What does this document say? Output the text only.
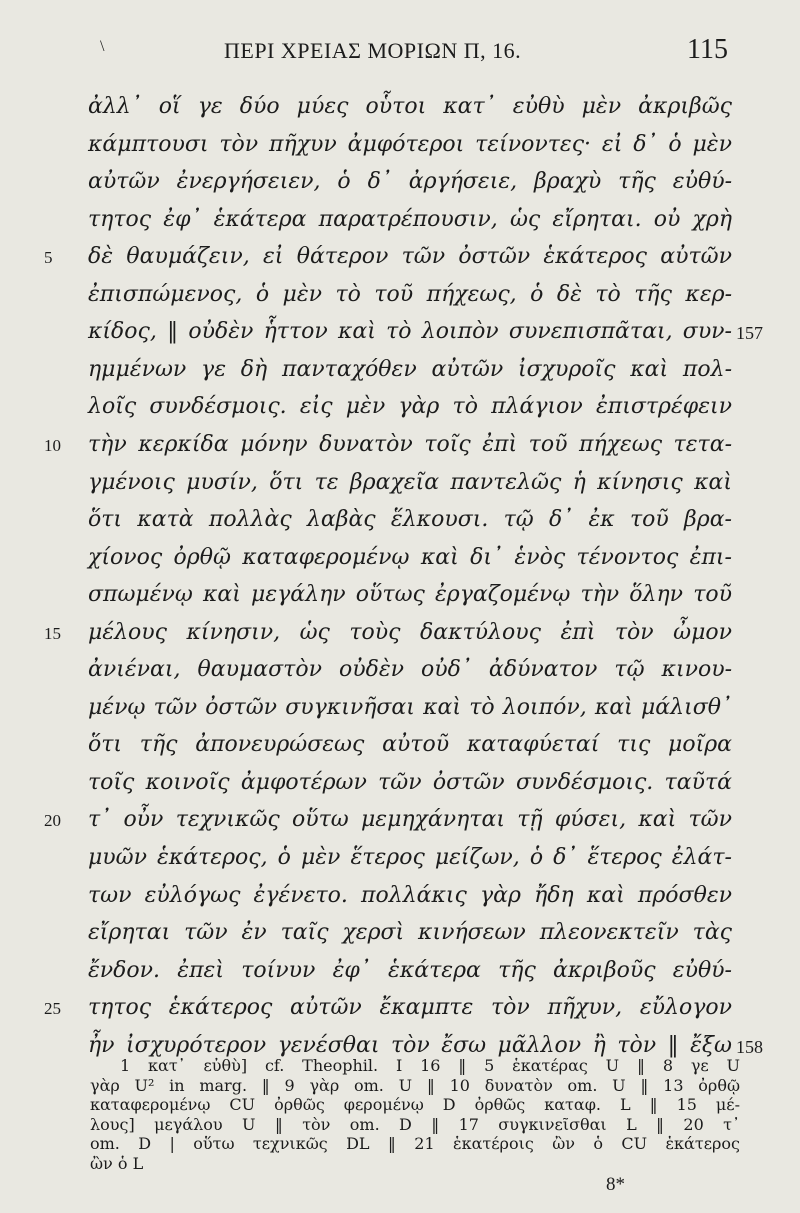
\	ΠΕΡΙ ΧΡΕΙΑΣ ΜΟΡΙΩΝ Π, 16.	115
ἀλλ᾽ οἵ γε δύο μύες οὗτοι κατ᾽ εὐθὺ μὲν ἀκριβῶς
κάμπτουσι τὸν πῆχυν ἀμφότεροι τείνοντες· εἰ δ᾽ ὁ μὲν
αὐτῶν ἐνεργήσειεν, ὁ δ᾽ ἀργήσειε, βραχὺ τῆς εὐθύ-
τητος ἐφ᾽ ἑκάτερα παρατρέπουσιν, ὡς εἴρηται. οὐ χρὴ
δὲ θαυμάζειν, εἰ θάτερον τῶν ὀστῶν ἑκάτερος αὐτῶν
5
ἐπισπώμενος, ὁ μὲν τὸ τοῦ πήχεως, ὁ δὲ τὸ τῆς κερ-
κίδος, ‖ οὐδὲν ἧττον καὶ τὸ λοιπὸν συνεπισπᾶται, συν- 157
ημμένων γε δὴ πανταχόθεν αὐτῶν ἰσχυροῖς καὶ πολ-
λοῖς συνδέσμοις. εἰς μὲν γὰρ τὸ πλάγιον ἐπιστρέφειν
τὴν κερκίδα μόνην δυνατὸν τοῖς ἐπὶ τοῦ πήχεως τετα-
10
γμένοις μυσίν, ὅτι τε βραχεῖα παντελῶς ἡ κίνησις καὶ
ὅτι κατὰ πολλὰς λαβὰς ἕλκουσι. τῷ δ᾽ ἐκ τοῦ βρα-
χίονος ὀρθῷ καταφερομένῳ καὶ δι᾽ ἑνὸς τένοντος ἐπι-
σπωμένῳ καὶ μεγάλην οὕτως ἐργαζομένῳ τὴν ὅλην τοῦ
μέλους κίνησιν, ὡς τοὺς δακτύλους ἐπὶ τὸν ὦμον
15
ἀνιέναι, θαυμαστὸν οὐδὲν οὐδ᾽ ἀδύνατον τῷ κινου-
μένῳ τῶν ὀστῶν συγκινῆσαι καὶ τὸ λοιπόν, καὶ μάλισθ᾽
ὅτι τῆς ἀπονευρώσεως αὐτοῦ καταφύεταί τις μοῖρα
τοῖς κοινοῖς ἀμφοτέρων τῶν ὀστῶν συνδέσμοις. ταῦτά
τ᾽ οὖν τεχνικῶς οὕτω μεμηχάνηται τῇ φύσει, καὶ τῶν
20
μυῶν ἑκάτερος, ὁ μὲν ἕτερος μείζων, ὁ δ᾽ ἕτερος ἐλάτ-
των εὐλόγως ἐγένετο. πολλάκις γὰρ ἤδη καὶ πρόσθεν
εἴρηται τῶν ἐν ταῖς χερσὶ κινήσεων πλεονεκτεῖν τὰς
ἔνδον. ἐπεὶ τοίνυν ἐφ᾽ ἑκάτερα τῆς ἀκριβοῦς εὐθύ-
τητος ἑκάτερος αὐτῶν ἔκαμπτε τὸν πῆχυν, εὔλογον
25
ἦν ἰσχυρότερον γενέσθαι τὸν ἔσω μᾶλλον ἢ τὸν ‖ ἔξω 158
1 κατ᾽ εὐθὺ] cf. Theophil. I 16 ‖ 5 ἑκατέρας U ‖ 8 γε U
γὰρ U² in marg. ‖ 9 γὰρ om. U ‖ 10 δυνατὸν om. U ‖ 13 ὀρθῷ
καταφερομένῳ CU ὀρθῶς φερομένῳ D ὀρθῶς καταφ. L ‖ 15 μέ-
λους] μεγάλου U ‖ τὸν om. D ‖ 17 συγκινεῖσθαι L ‖ 20 τ᾽
om. D | οὕτω τεχνικῶς DL ‖ 21 ἑκατέροις ὢν ὁ CU ἑκάτερος
ὢν ὁ L
8*
